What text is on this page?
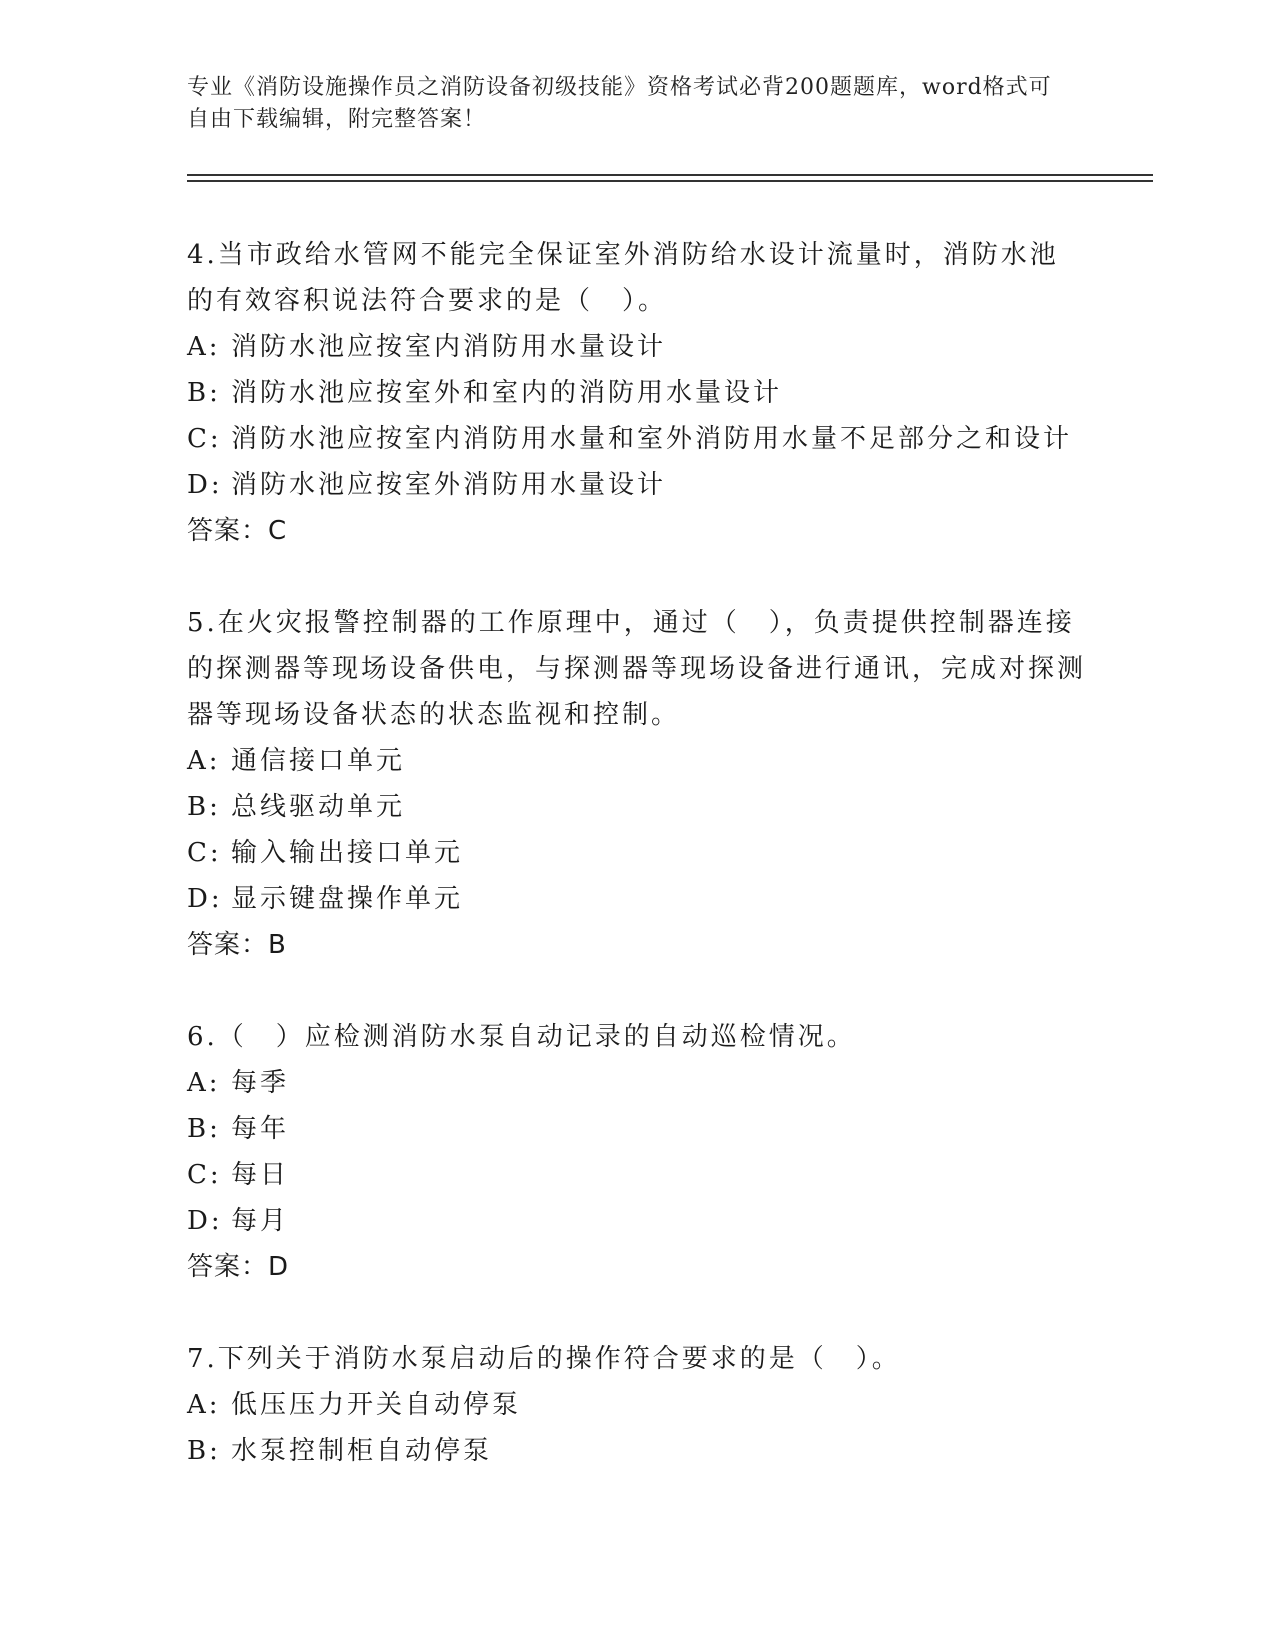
专业《消防设施操作员之消防设备初级技能》资格考试必背200题题库，word格式可自由下载编辑，附完整答案！

4.当市政给水管网不能完全保证室外消防给水设计流量时，消防水池的有效容积说法符合要求的是（　）。

A: 消防水池应按室内消防用水量设计

B: 消防水池应按室外和室内的消防用水量设计

C: 消防水池应按室内消防用水量和室外消防用水量不足部分之和设计

D: 消防水池应按室外消防用水量设计

答案：C

5.在火灾报警控制器的工作原理中，通过（　），负责提供控制器连接的探测器等现场设备供电，与探测器等现场设备进行通讯，完成对探测器等现场设备状态的状态监视和控制。

A: 通信接口单元

B: 总线驱动单元

C: 输入输出接口单元

D: 显示键盘操作单元

答案：B

6.（　）应检测消防水泵自动记录的自动巡检情况。

A: 每季

B: 每年

C: 每日

D: 每月

答案：D

7.下列关于消防水泵启动后的操作符合要求的是（　）。

A: 低压压力开关自动停泵

B: 水泵控制柜自动停泵
